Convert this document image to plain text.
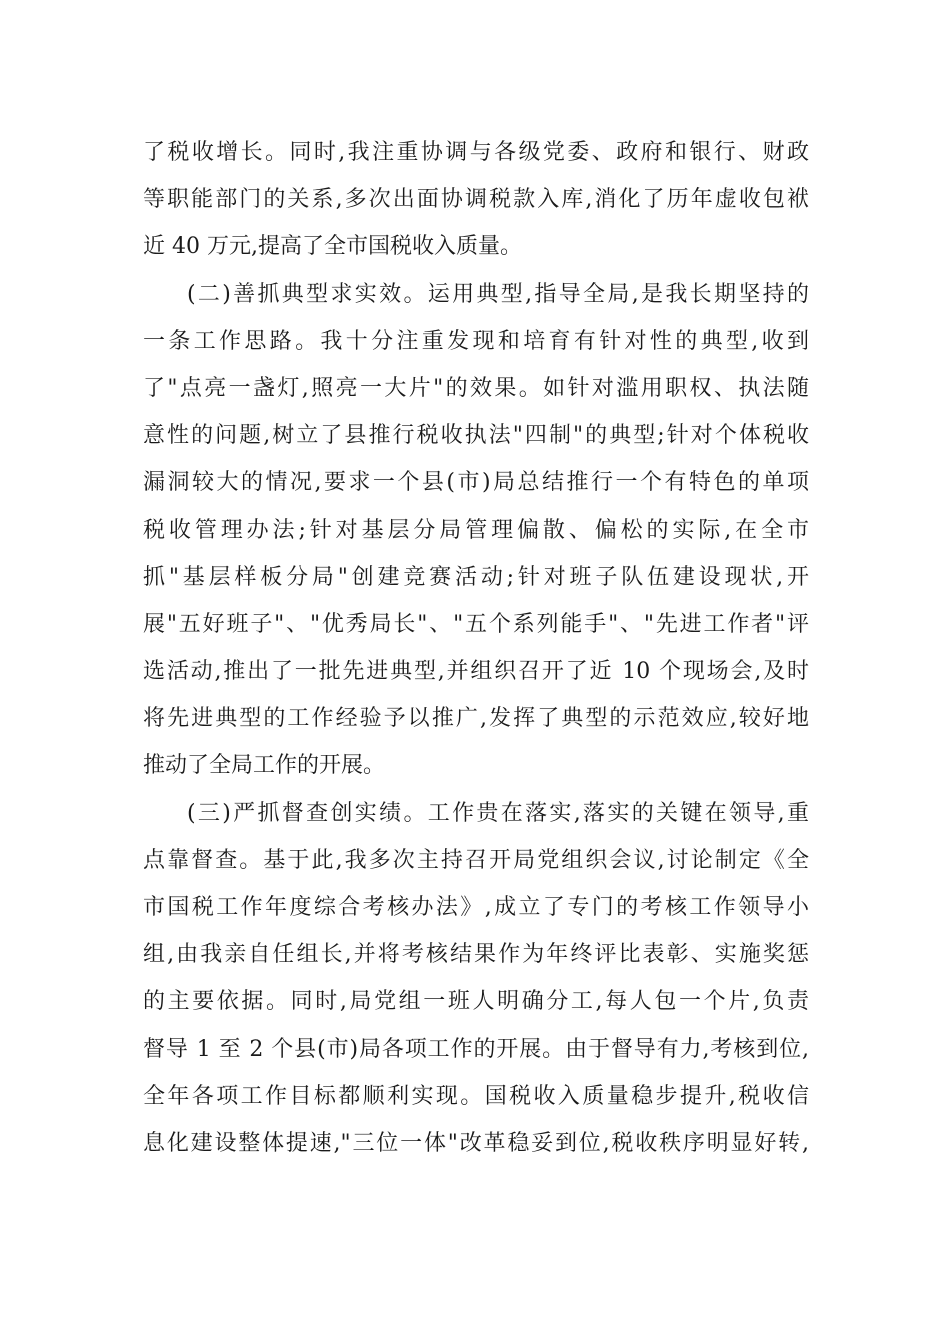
了税收增长。同时,我注重协调与各级党委、政府和银行、财政
等职能部门的关系,多次出面协调税款入库,消化了历年虚收包袱
近 40 万元,提高了全市国税收入质量。
(二)善抓典型求实效。运用典型,指导全局,是我长期坚持的
一条工作思路。我十分注重发现和培育有针对性的典型,收到
了"点亮一盏灯,照亮一大片"的效果。如针对滥用职权、执法随
意性的问题,树立了县推行税收执法"四制"的典型;针对个体税收
漏洞较大的情况,要求一个县(市)局总结推行一个有特色的单项
税收管理办法;针对基层分局管理偏散、偏松的实际,在全市
抓"基层样板分局"创建竞赛活动;针对班子队伍建设现状,开
展"五好班子"、"优秀局长"、"五个系列能手"、"先进工作者"评
选活动,推出了一批先进典型,并组织召开了近 10 个现场会,及时
将先进典型的工作经验予以推广,发挥了典型的示范效应,较好地
推动了全局工作的开展。
(三)严抓督查创实绩。工作贵在落实,落实的关键在领导,重
点靠督查。基于此,我多次主持召开局党组织会议,讨论制定《全
市国税工作年度综合考核办法》,成立了专门的考核工作领导小
组,由我亲自任组长,并将考核结果作为年终评比表彰、实施奖惩
的主要依据。同时,局党组一班人明确分工,每人包一个片,负责
督导 1 至 2 个县(市)局各项工作的开展。由于督导有力,考核到位,
全年各项工作目标都顺利实现。国税收入质量稳步提升,税收信
息化建设整体提速,"三位一体"改革稳妥到位,税收秩序明显好转,
